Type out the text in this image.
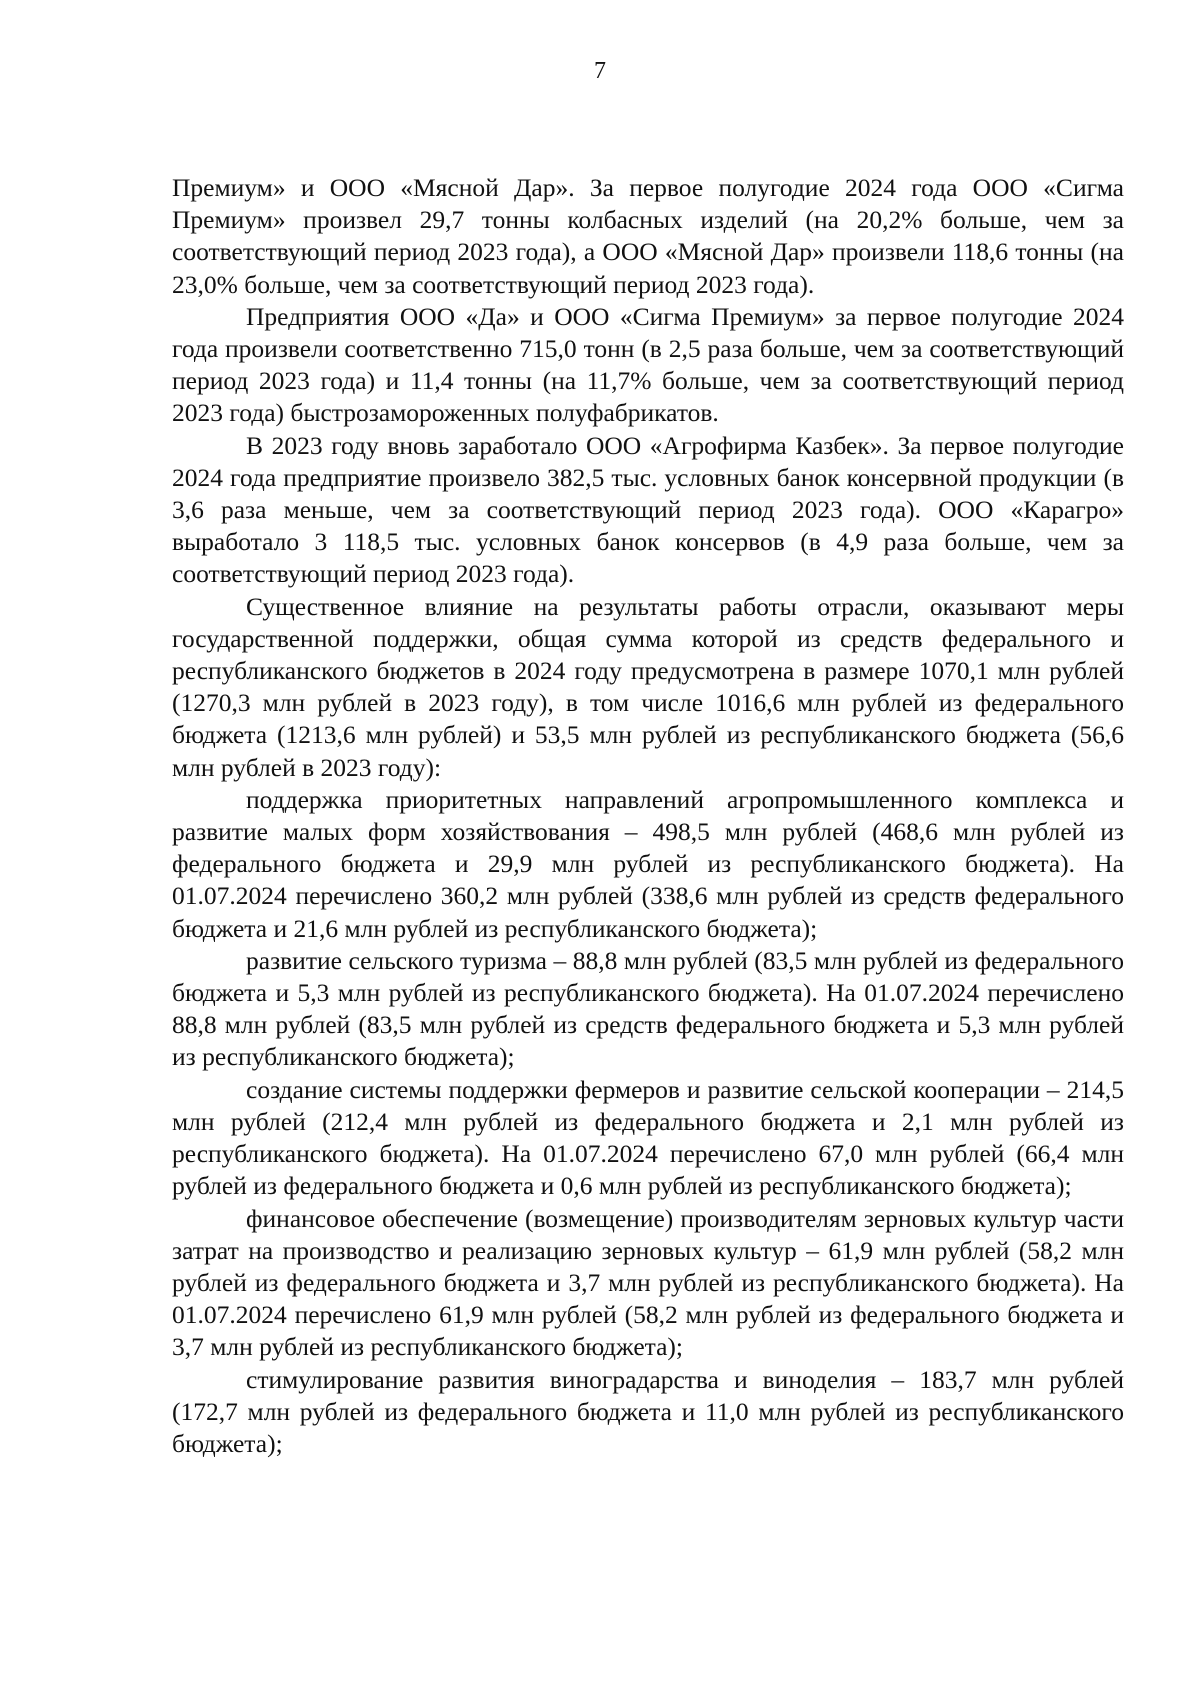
7

Премиум» и ООО «Мясной Дар». За первое полугодие 2024 года ООО «Сигма Премиум» произвел 29,7 тонны колбасных изделий (на 20,2% больше, чем за соответствующий период 2023 года), а ООО «Мясной Дар» произвели 118,6 тонны (на 23,0% больше, чем за соответствующий период 2023 года).

Предприятия ООО «Да» и ООО «Сигма Премиум» за первое полугодие 2024 года произвели соответственно 715,0 тонн (в 2,5 раза больше, чем за соответствующий период 2023 года) и 11,4 тонны (на 11,7% больше, чем за соответствующий период 2023 года) быстрозамороженных полуфабрикатов.

В 2023 году вновь заработало ООО «Агрофирма Казбек». За первое полугодие 2024 года предприятие произвело 382,5 тыс. условных банок консервной продукции (в 3,6 раза меньше, чем за соответствующий период 2023 года). ООО «Карагро» выработало 3 118,5 тыс. условных банок консервов (в 4,9 раза больше, чем за соответствующий период 2023 года).

Существенное влияние на результаты работы отрасли, оказывают меры государственной поддержки, общая сумма которой из средств федерального и республиканского бюджетов в 2024 году предусмотрена в размере 1070,1 млн рублей (1270,3 млн рублей в 2023 году), в том числе 1016,6 млн рублей из федерального бюджета (1213,6 млн рублей) и 53,5 млн рублей из республиканского бюджета (56,6 млн рублей в 2023 году):

поддержка приоритетных направлений агропромышленного комплекса и развитие малых форм хозяйствования – 498,5 млн рублей (468,6 млн рублей из федерального бюджета и 29,9 млн рублей из республиканского бюджета). На 01.07.2024 перечислено 360,2 млн рублей (338,6 млн рублей из средств федерального бюджета и 21,6 млн рублей из республиканского бюджета);

развитие сельского туризма – 88,8 млн рублей (83,5 млн рублей из федерального бюджета и 5,3 млн рублей из республиканского бюджета). На 01.07.2024 перечислено 88,8 млн рублей (83,5 млн рублей из средств федерального бюджета и 5,3 млн рублей из республиканского бюджета);

создание системы поддержки фермеров и развитие сельской кооперации – 214,5 млн рублей (212,4 млн рублей из федерального бюджета и 2,1 млн рублей из республиканского бюджета). На 01.07.2024 перечислено 67,0 млн рублей (66,4 млн рублей из федерального бюджета и 0,6 млн рублей из республиканского бюджета);

финансовое обеспечение (возмещение) производителям зерновых культур части затрат на производство и реализацию зерновых культур – 61,9 млн рублей (58,2 млн рублей из федерального бюджета и 3,7 млн рублей из республиканского бюджета). На 01.07.2024 перечислено 61,9 млн рублей (58,2 млн рублей из федерального бюджета и 3,7 млн рублей из республиканского бюджета);

стимулирование развития виноградарства и виноделия – 183,7 млн рублей (172,7 млн рублей из федерального бюджета и 11,0 млн рублей из республиканского бюджета);
